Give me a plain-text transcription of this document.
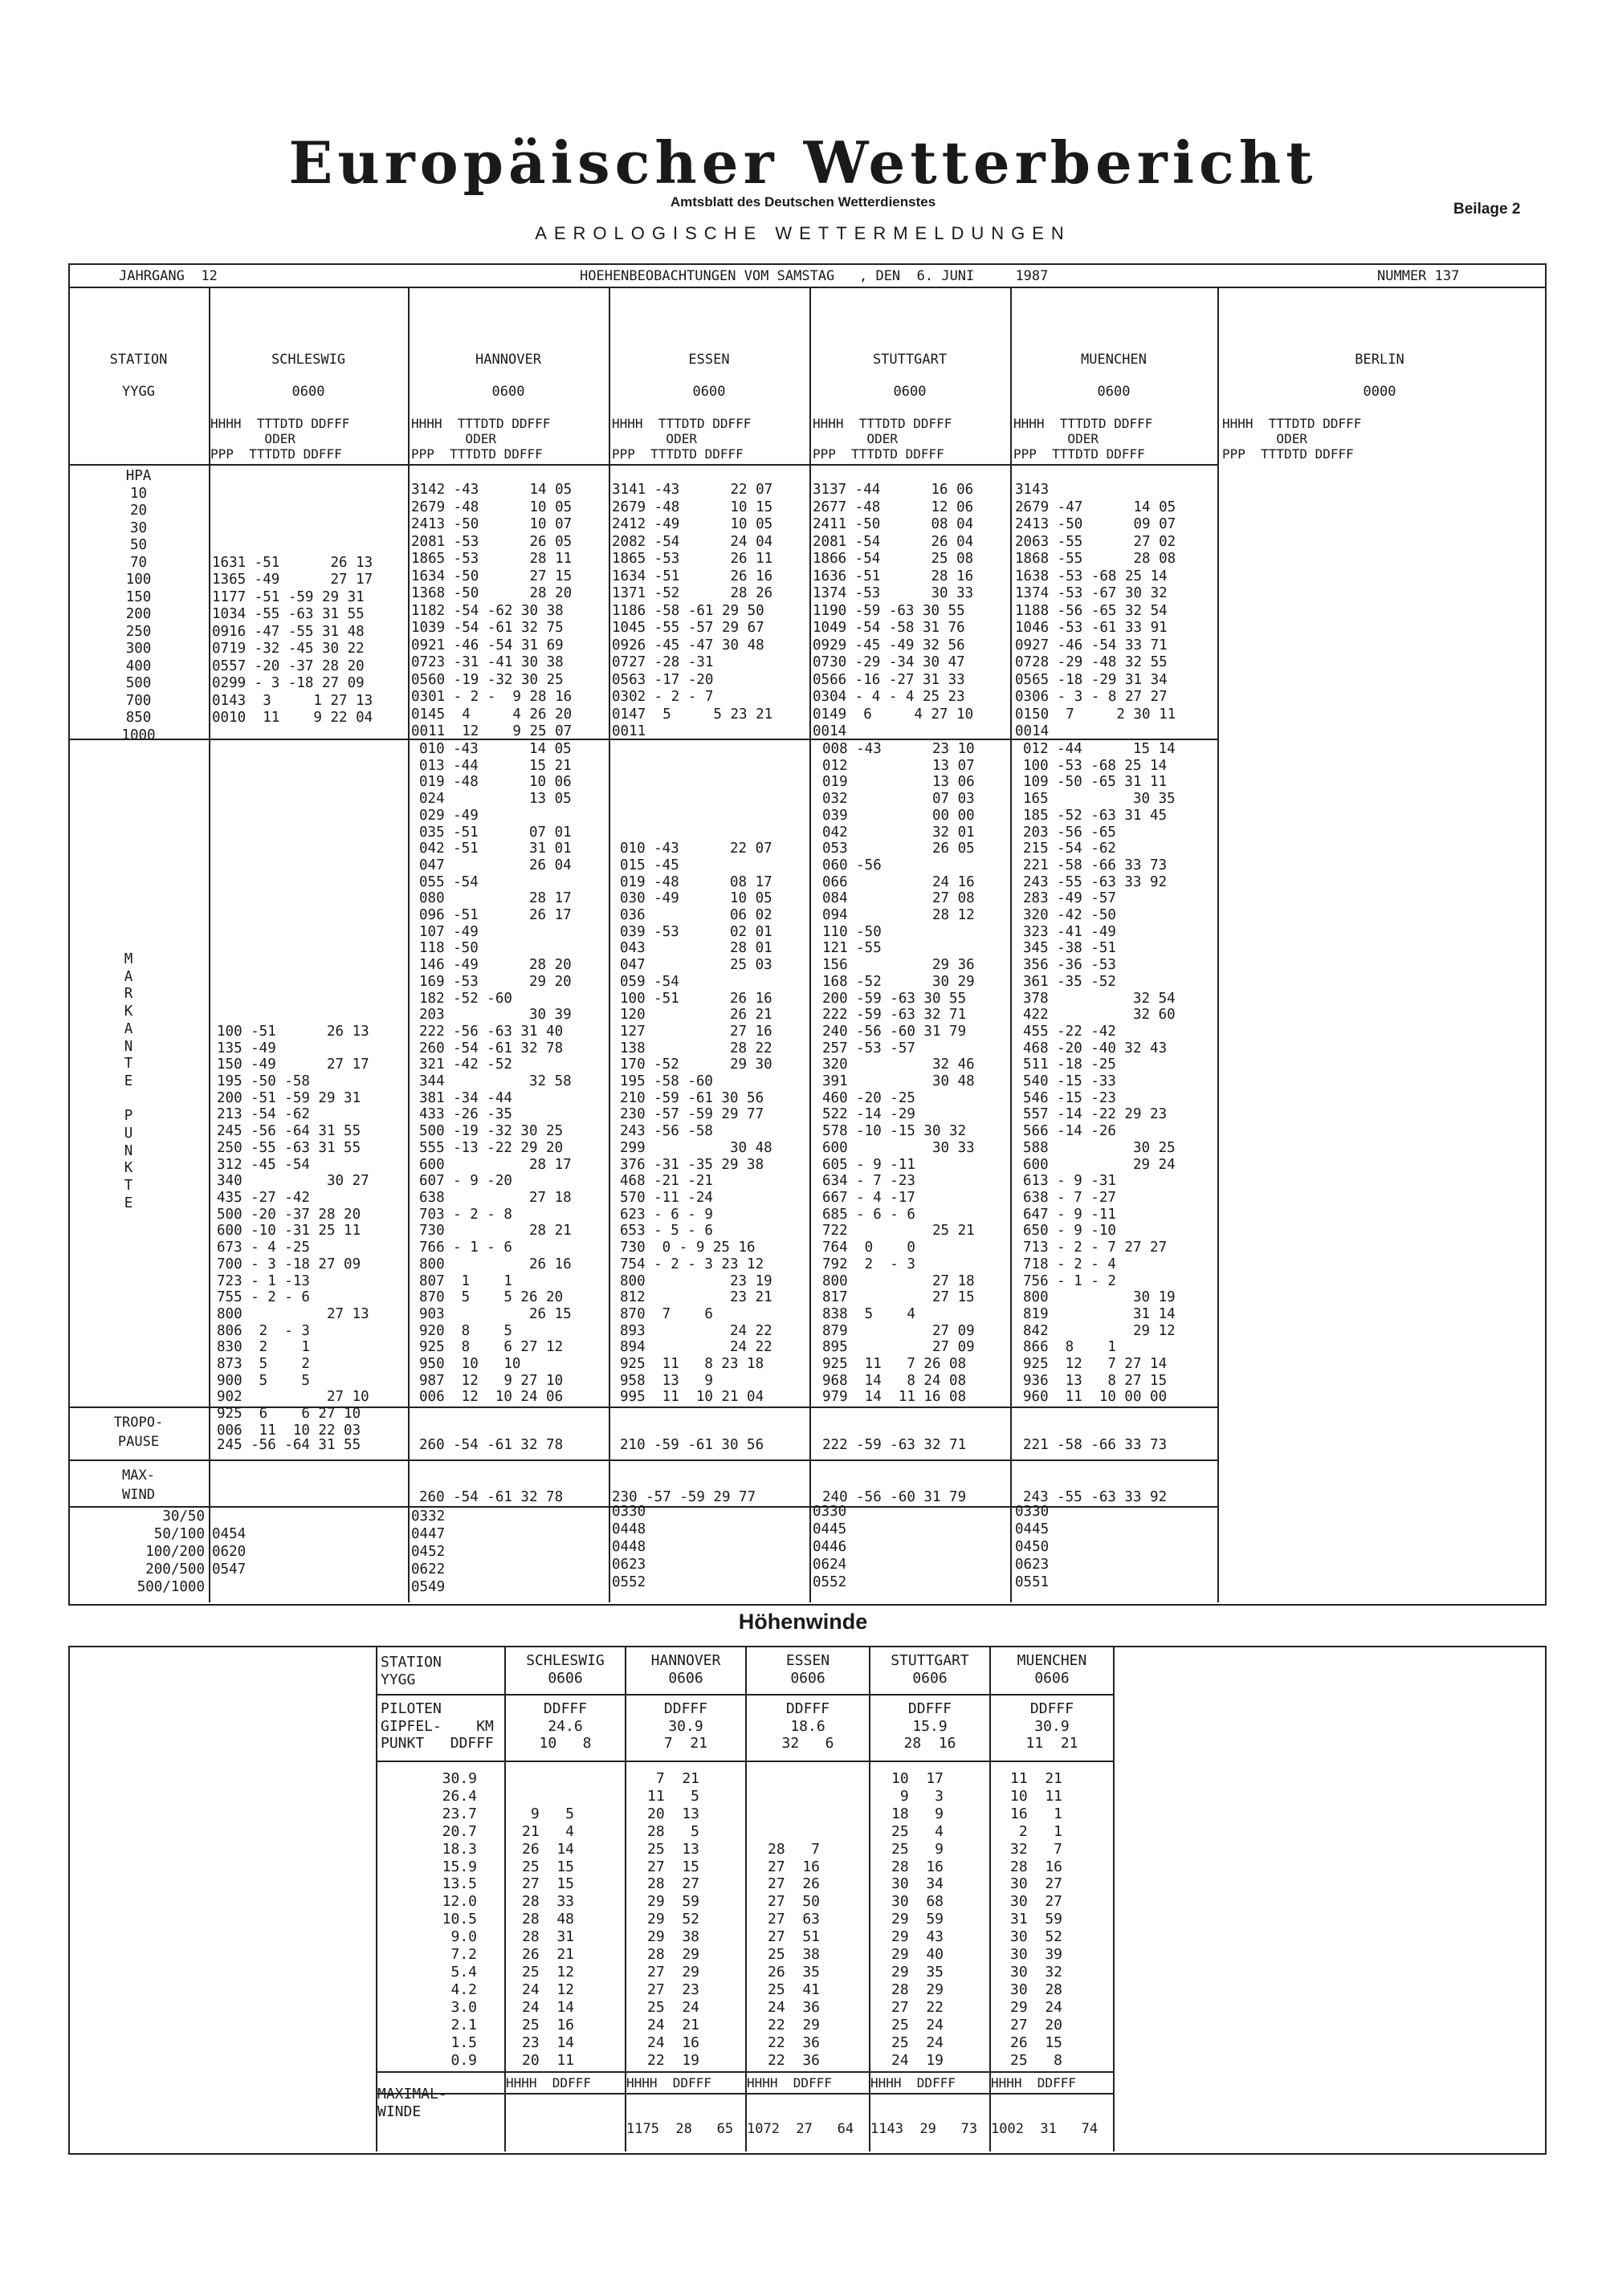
Europäischer Wetterbericht
Amtsblatt des Deutschen Wetterdienstes
AEROLOGISCHE WETTERMELDUNGEN
Beilage 2
JAHRGANG  12	HOEHENBEOBACHTUNGEN VOM SAMSTAG   , DEN  6. JUNI     1987	NUMMER 137
STATION
YYGG
HPA
10
20
30
50
70
100
150
200
250
300
400
500
700
850
1000
M
A
R
K
A
N
T
E

P
U
N
K
T
E
TROPO-
PAUSE
MAX-
WIND
30/50
50/100
100/200
200/500
500/1000
SCHLESWIG
0600
HHHH  TTTDTD DDFFF
ODER
PPP  TTTDTD DDFFF

1631 -51      26 13
1365 -49      27 17
1177 -51 -59 29 31
1034 -55 -63 31 55
0916 -47 -55 31 48
0719 -32 -45 30 22
0557 -20 -37 28 20
0299 - 3 -18 27 09
0143  3     1 27 13
0010  11    9 22 04

100 -51      26 13
135 -49
150 -49      27 17
195 -50 -58
200 -51 -59 29 31
213 -54 -62
245 -56 -64 31 55
250 -55 -63 31 55
312 -45 -54
340          30 27
435 -27 -42
500 -20 -37 28 20
600 -10 -31 25 11
673 - 4 -25
700 - 3 -18 27 09
723 - 1 -13
755 - 2 - 6
800          27 13
806  2  - 3
830  2    1
873  5    2
900  5    5
902          27 10
925  6    6 27 10
006  11  10 22 03
245 -56 -64 31 55

0454
0620
0547
HANNOVER
0600
HHHH  TTTDTD DDFFF
ODER
PPP  TTTDTD DDFFF
3142 -43      14 05
2679 -48      10 05
2413 -50      10 07
2081 -53      26 05
1865 -53      28 11
1634 -50      27 15
1368 -50      28 20
1182 -54 -62 30 38
1039 -54 -61 32 75
0921 -46 -54 31 69
0723 -31 -41 30 38
0560 -19 -32 30 25
0301 - 2 -  9 28 16
0145  4     4 26 20
0011  12    9 25 07
010 -43      14 05
013 -44      15 21
019 -48      10 06
024          13 05
029 -49
035 -51      07 01
042 -51      31 01
047          26 04
055 -54
080          28 17
096 -51      26 17
107 -49
118 -50
146 -49      28 20
169 -53      29 20
182 -52 -60
203          30 39
222 -56 -63 31 40
260 -54 -61 32 78
321 -42 -52
344          32 58
381 -34 -44
433 -26 -35
500 -19 -32 30 25
555 -13 -22 29 20
600          28 17
607 - 9 -20
638          27 18
703 - 2 - 8
730          28 21
766 - 1 - 6
800          26 16
807  1    1
870  5    5 26 20
903          26 15
920  8    5
925  8    6 27 12
950  10   10
987  12   9 27 10
006  12  10 24 06
260 -54 -61 32 78
260 -54 -61 32 78
0332
0447
0452
0622
0549
ESSEN
0600
HHHH  TTTDTD DDFFF
ODER
PPP  TTTDTD DDFFF
3141 -43      22 07
2679 -48      10 15
2412 -49      10 05
2082 -54      24 04
1865 -53      26 11
1634 -51      26 16
1371 -52      28 26
1186 -58 -61 29 50
1045 -55 -57 29 67
0926 -45 -47 30 48
0727 -28 -31
0563 -17 -20
0302 - 2 - 7
0147  5     5 23 21
0011

010 -43      22 07
015 -45
019 -48      08 17
030 -49      10 05
036          06 02
039 -53      02 01
043          28 01
047          25 03
059 -54
100 -51      26 16
120          26 21
127          27 16
138          28 22
170 -52      29 30
195 -58 -60
210 -59 -61 30 56
230 -57 -59 29 77
243 -56 -58
299          30 48
376 -31 -35 29 38
468 -21 -21
570 -11 -24
623 - 6 - 9
653 - 5 - 6
730  0 - 9 25 16
754 - 2 - 3 23 12
800          23 19
812          23 21
870  7    6
893          24 22
894          24 22
925  11   8 23 18
958  13   9
995  11  10 21 04
210 -59 -61 30 56
230 -57 -59 29 77
0330
0448
0448
0623
0552
STUTTGART
0600
HHHH  TTTDTD DDFFF
ODER
PPP  TTTDTD DDFFF
3137 -44      16 06
2677 -48      12 06
2411 -50      08 04
2081 -54      26 04
1866 -54      25 08
1636 -51      28 16
1374 -53      30 33
1190 -59 -63 30 55
1049 -54 -58 31 76
0929 -45 -49 32 56
0730 -29 -34 30 47
0566 -16 -27 31 33
0304 - 4 - 4 25 23
0149  6     4 27 10
0014
008 -43      23 10
012          13 07
019          13 06
032          07 03
039          00 00
042          32 01
053          26 05
060 -56
066          24 16
084          27 08
094          28 12
110 -50
121 -55
156          29 36
168 -52      30 29
200 -59 -63 30 55
222 -59 -63 32 71
240 -56 -60 31 79
257 -53 -57
320          32 46
391          30 48
460 -20 -25
522 -14 -29
578 -10 -15 30 32
600          30 33
605 - 9 -11
634 - 7 -23
667 - 4 -17
685 - 6 - 6
722          25 21
764  0    0
792  2  - 3
800          27 18
817          27 15
838  5    4
879          27 09
895          27 09
925  11   7 26 08
968  14   8 24 08
979  14  11 16 08
222 -59 -63 32 71
240 -56 -60 31 79
0330
0445
0446
0624
0552
MUENCHEN
0600
HHHH  TTTDTD DDFFF
ODER
PPP  TTTDTD DDFFF
3143
2679 -47      14 05
2413 -50      09 07
2063 -55      27 02
1868 -55      28 08
1638 -53 -68 25 14
1374 -53 -67 30 32
1188 -56 -65 32 54
1046 -53 -61 33 91
0927 -46 -54 33 71
0728 -29 -48 32 55
0565 -18 -29 31 34
0306 - 3 - 8 27 27
0150  7     2 30 11
0014
012 -44      15 14
100 -53 -68 25 14
109 -50 -65 31 11
165          30 35
185 -52 -63 31 45
203 -56 -65
215 -54 -62
221 -58 -66 33 73
243 -55 -63 33 92
283 -49 -57
320 -42 -50
323 -41 -49
345 -38 -51
356 -36 -53
361 -35 -52
378          32 54
422          32 60
455 -22 -42
468 -20 -40 32 43
511 -18 -25
540 -15 -33
546 -15 -23
557 -14 -22 29 23
566 -14 -26
588          30 25
600          29 24
613 - 9 -31
638 - 7 -27
647 - 9 -11
650 - 9 -10
713 - 2 - 7 27 27
718 - 2 - 4
756 - 1 - 2
800          30 19
819          31 14
842          29 12
866  8    1
925  12   7 27 14
936  13   8 27 15
960  11  10 00 00
221 -58 -66 33 73
243 -55 -63 33 92
0330
0445
0450
0623
0551
BERLIN
0000
HHHH  TTTDTD DDFFF
ODER
PPP  TTTDTD DDFFF
Höhenwinde
STATION
YYGG
PILOTEN
GIPFEL-    KM
PUNKT   DDFFF
30.9
26.4
23.7
20.7
18.3
15.9
13.5
12.0
10.5
9.0
7.2
5.4
4.2
3.0
2.1
1.5
0.9
MAXIMAL-
WINDE
SCHLESWIG
0606
DDFFF
24.6
10   8

9   5
21   4
26  14
25  15
27  15
28  33
28  48
28  31
26  21
25  12
24  12
24  14
25  16
23  14
20  11
HHHH  DDFFF
HANNOVER
0606
DDFFF
30.9
7  21
7  21
11   5
20  13
28   5
25  13
27  15
28  27
29  59
29  52
29  38
28  29
27  29
27  23
25  24
24  21
24  16
22  19
HHHH  DDFFF
1175  28   65
ESSEN
0606
DDFFF
18.6
32   6

28   7
27  16
27  26
27  50
27  63
27  51
25  38
26  35
25  41
24  36
22  29
22  36
22  36
HHHH  DDFFF
1072  27   64
STUTTGART
0606
DDFFF
15.9
28  16
10  17
9   3
18   9
25   4
25   9
28  16
30  34
30  68
29  59
29  43
29  40
29  35
28  29
27  22
25  24
25  24
24  19
HHHH  DDFFF
1143  29   73
MUENCHEN
0606
DDFFF
30.9
11  21
11  21
10  11
16   1
2   1
32   7
28  16
30  27
30  27
31  59
30  52
30  39
30  32
30  28
29  24
27  20
26  15
25   8
HHHH  DDFFF
1002  31   74
